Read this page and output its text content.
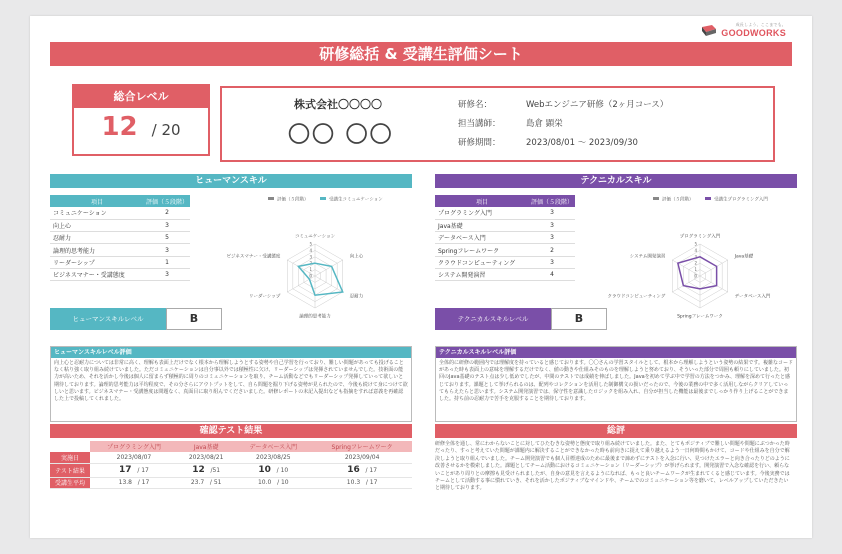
成長しよう、ここまでも。
GOODWORKS
研修総括 & 受講生評価シート
総合レベル
12 / 20
株式会社〇〇〇〇
〇〇 〇〇
研修名：	Webエンジニア研修（2ヶ月コース）
担当講師：	島倉 顕栄
研修期間：	2023/08/01 ～ 2023/09/30
ヒューマンスキル
項目	評価（５段階）
コミュニケーション	2
向上心	3
忍耐力	5
論理的思考能力	3
リーダーシップ	1
ビジネスマナー・受講態度	3
評価（５段階）	受講生コミュニケーション
5
4
3
2
1
0
コミュニケーション
向上心
忍耐力
論理的思考能力
リーダーシップ
ビジネスマナー・受講態度
ヒューマンスキルレベル	B
ヒューマンスキルレベル評価
向上心と忍耐力については非常に高く、理解も表面上だけでなく根本から理解しようとする姿勢や自己学習を行っており、難しい問題があっても投げることなく粘り強く取り組み続けていました。ただコミュニケーションは自分事以外では積極性に欠け、リーダーシップは発揮されていませんでした。技術面の能力が高いため、それを活かし今後は個人に留まらず積極的に周りのコミュニケーションを取り、チーム活動などでもリーダーシップ発揮していって欲しいと期待しております。論理的思考能力は平均程度で、その分さらにアウトプットをして、自ら問題を掘り下げる姿勢が見られたので、今後も続けて身につけて欲しいと思います。ビジネスマナー・受講態度は問題なく、真面目に取り組んでくださいました。研修レポートの未記入提出なども指摘をすれば意義を再確認した上で投稿してくれました。
テクニカルスキル
項目	評価（５段階）
プログラミング入門	3
Java基礎	3
データベース入門	3
Springフレームワーク	2
クラウドコンピューティング	3
システム開発演習	4
評価（５段階）	受講生プログラミング入門
5
4
3
2
1
0
プログラミング入門
Java基礎
データベース入門
Springフレームワーク
クラウドコンピューティング
システム開発演習
テクニカルスキルレベル	B
テクニカルスキルレベル評価
全体的に研修の範囲内では理解度を持っていると感じております。〇〇さんの学習スタイルとして、根本から理解しようという姿勢の結果です。複雑なコードがあった時も表面上の意味を理解するだけでなく、値の動きや仕組みそのものを理解しようと努めており、そういった部分で周囲も頼りにしていました。初回のJava基礎のテスト点は少し低めでしたが、中間のテストでは成績を伸ばしました。Javaを初めて学ぶ中で学習の方法をつかみ、理解を深めて行ったと感じております。課題として挙げられるのは、配列やコレクションを活用した制御構文の扱いだったので、今後の業務の中で多く活用しながらクリアしていってもらえたらと思います。システム開発演習では、保守性を意識したロジックを組み入れ、自分が担当した機能は最後までしっかり作り上げることができました。持ち前の忍耐力で苦手を克服することを期待しております。
確認テスト結果
	プログラミング入門	Java基礎	データベース入門	Springフレームワーク
実施日	2023/08/07	2023/08/21	2023/08/25	2023/09/04
テスト結果	17 / 17	12 /51	10 / 10	16 / 17
受講生平均	13.8 / 17	23.7 / 51	10.0 / 10	10.3 / 17
総評
研修全体を通し、常にわからないことに対してひたむきな姿勢と態度で取り組み続けていました。また、とてもポジティブで難しい問題や問題にぶつかった時だったり、すっと考えていた問題が課題内に解決することができなかった時も前向きに捉えて乗り越えるよう一日何時間もかけて、コードや仕組みを自分で解決しようと取り組んでいました。チーム開発演習でも個人目標達成のために最後まで諦めずにテストを入念に行い、見つけたエラーと向き合ったりどのように改善させるかを模索しました。課題としてチーム活動におけるコミュニケーション（リーダーシップ）が挙げられます。開発演習で入念な確認を行い、頼らないことがあり周りとの摩擦も見受けられましたが、自身の意見を言えるようになれば、もっと良いチームワークが生まれてくると感じています。今後実務ではチームとして活動する事に慣れていき、それを活かしたポジティブなマインドや、チームでのコミュニケーション等を磨いて、レベルアップしていただきたいと期待しております。
